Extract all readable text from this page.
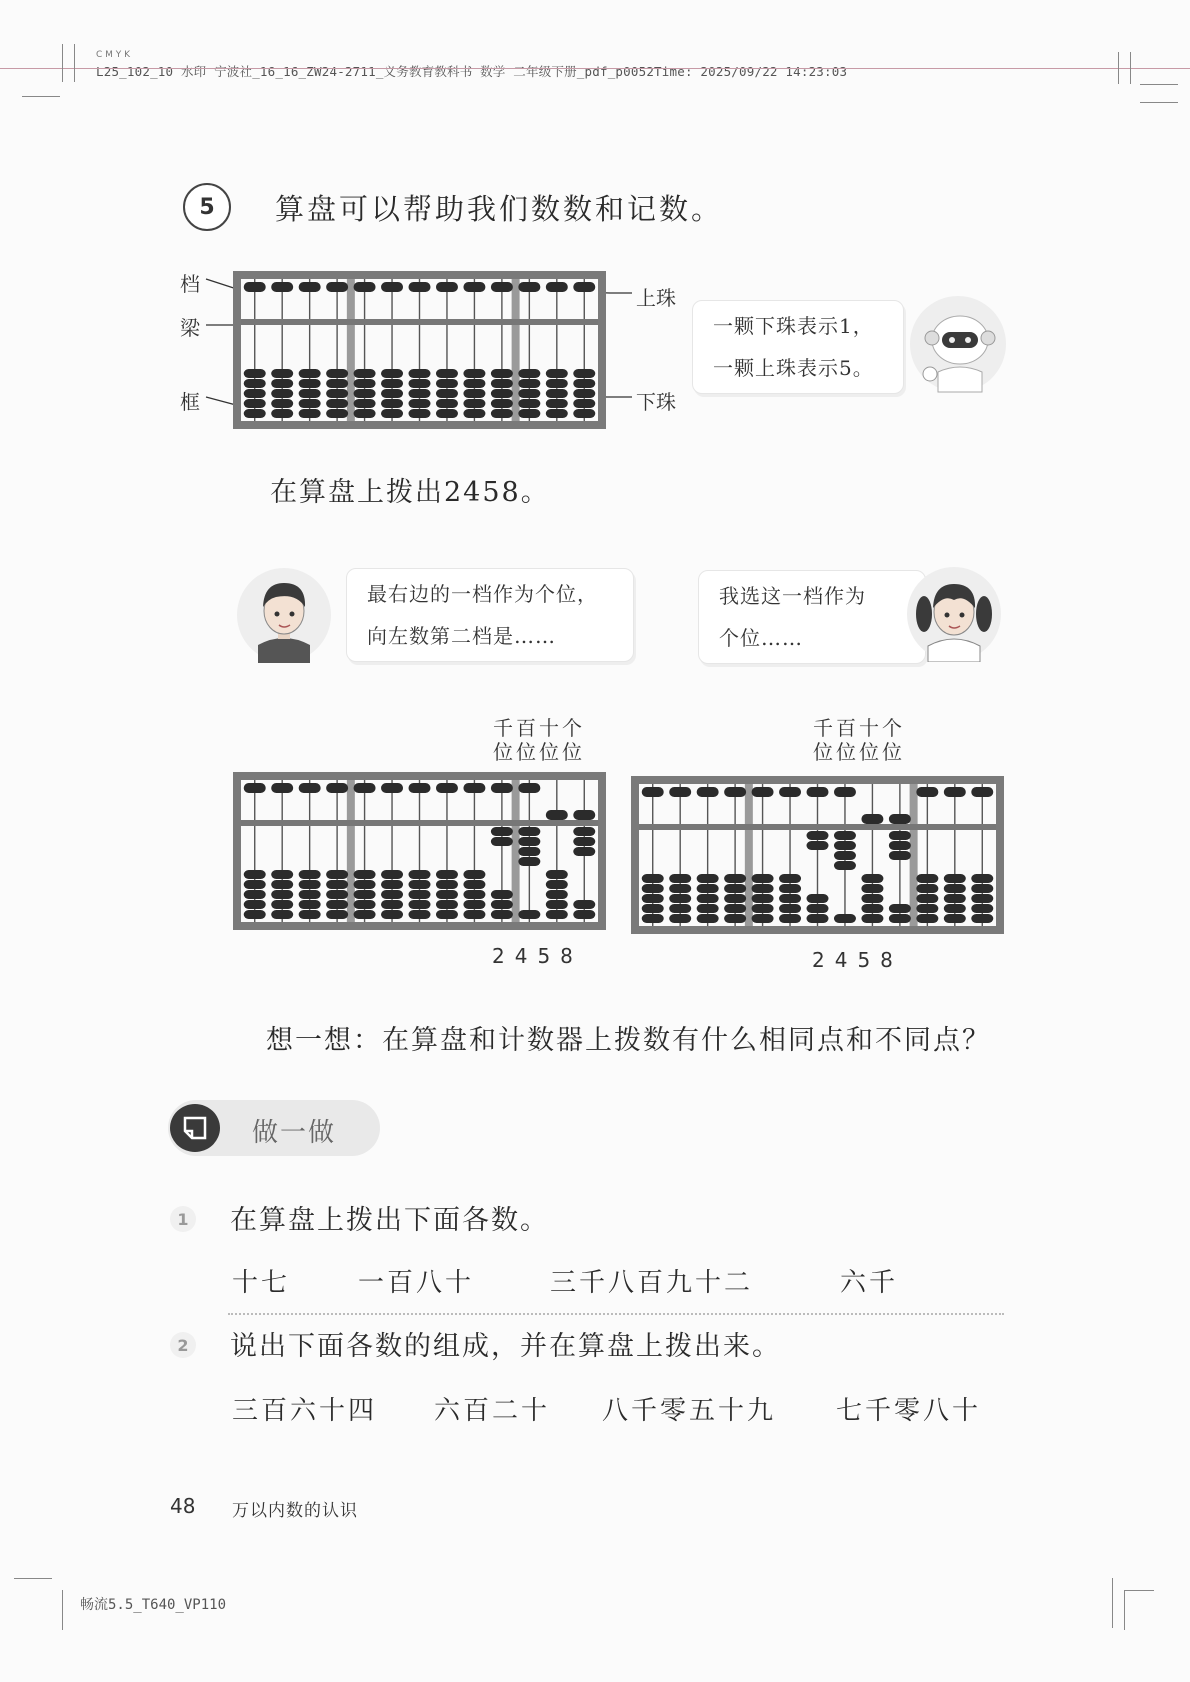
C M Y K
L25_102_10 水印 宁波社_16_16_ZW24-2711_义务教育教科书 数学 二年级下册_pdf_p0052Time: 2025/09/22 14:23:03
5	算盘可以帮助我们数数和记数。
档
梁
框
上珠
下珠
一颗下珠表示1，
一颗上珠表示5。
在算盘上拨出2458。
最右边的一档作为个位，
向左数第二档是……
我选这一档作为
个位……
千百十个
位位位位
千百十个
位位位位
2458	2458
想一想：在算盘和计数器上拨数有什么相同点和不同点？
做一做
1 在算盘上拨出下面各数。
十七	一百八十	三千八百九十二	六千
2 说出下面各数的组成，并在算盘上拨出来。
三百六十四 六百二十 八千零五十九 七千零八十
48 万以内数的认识
畅流5.5_T640_VP110
